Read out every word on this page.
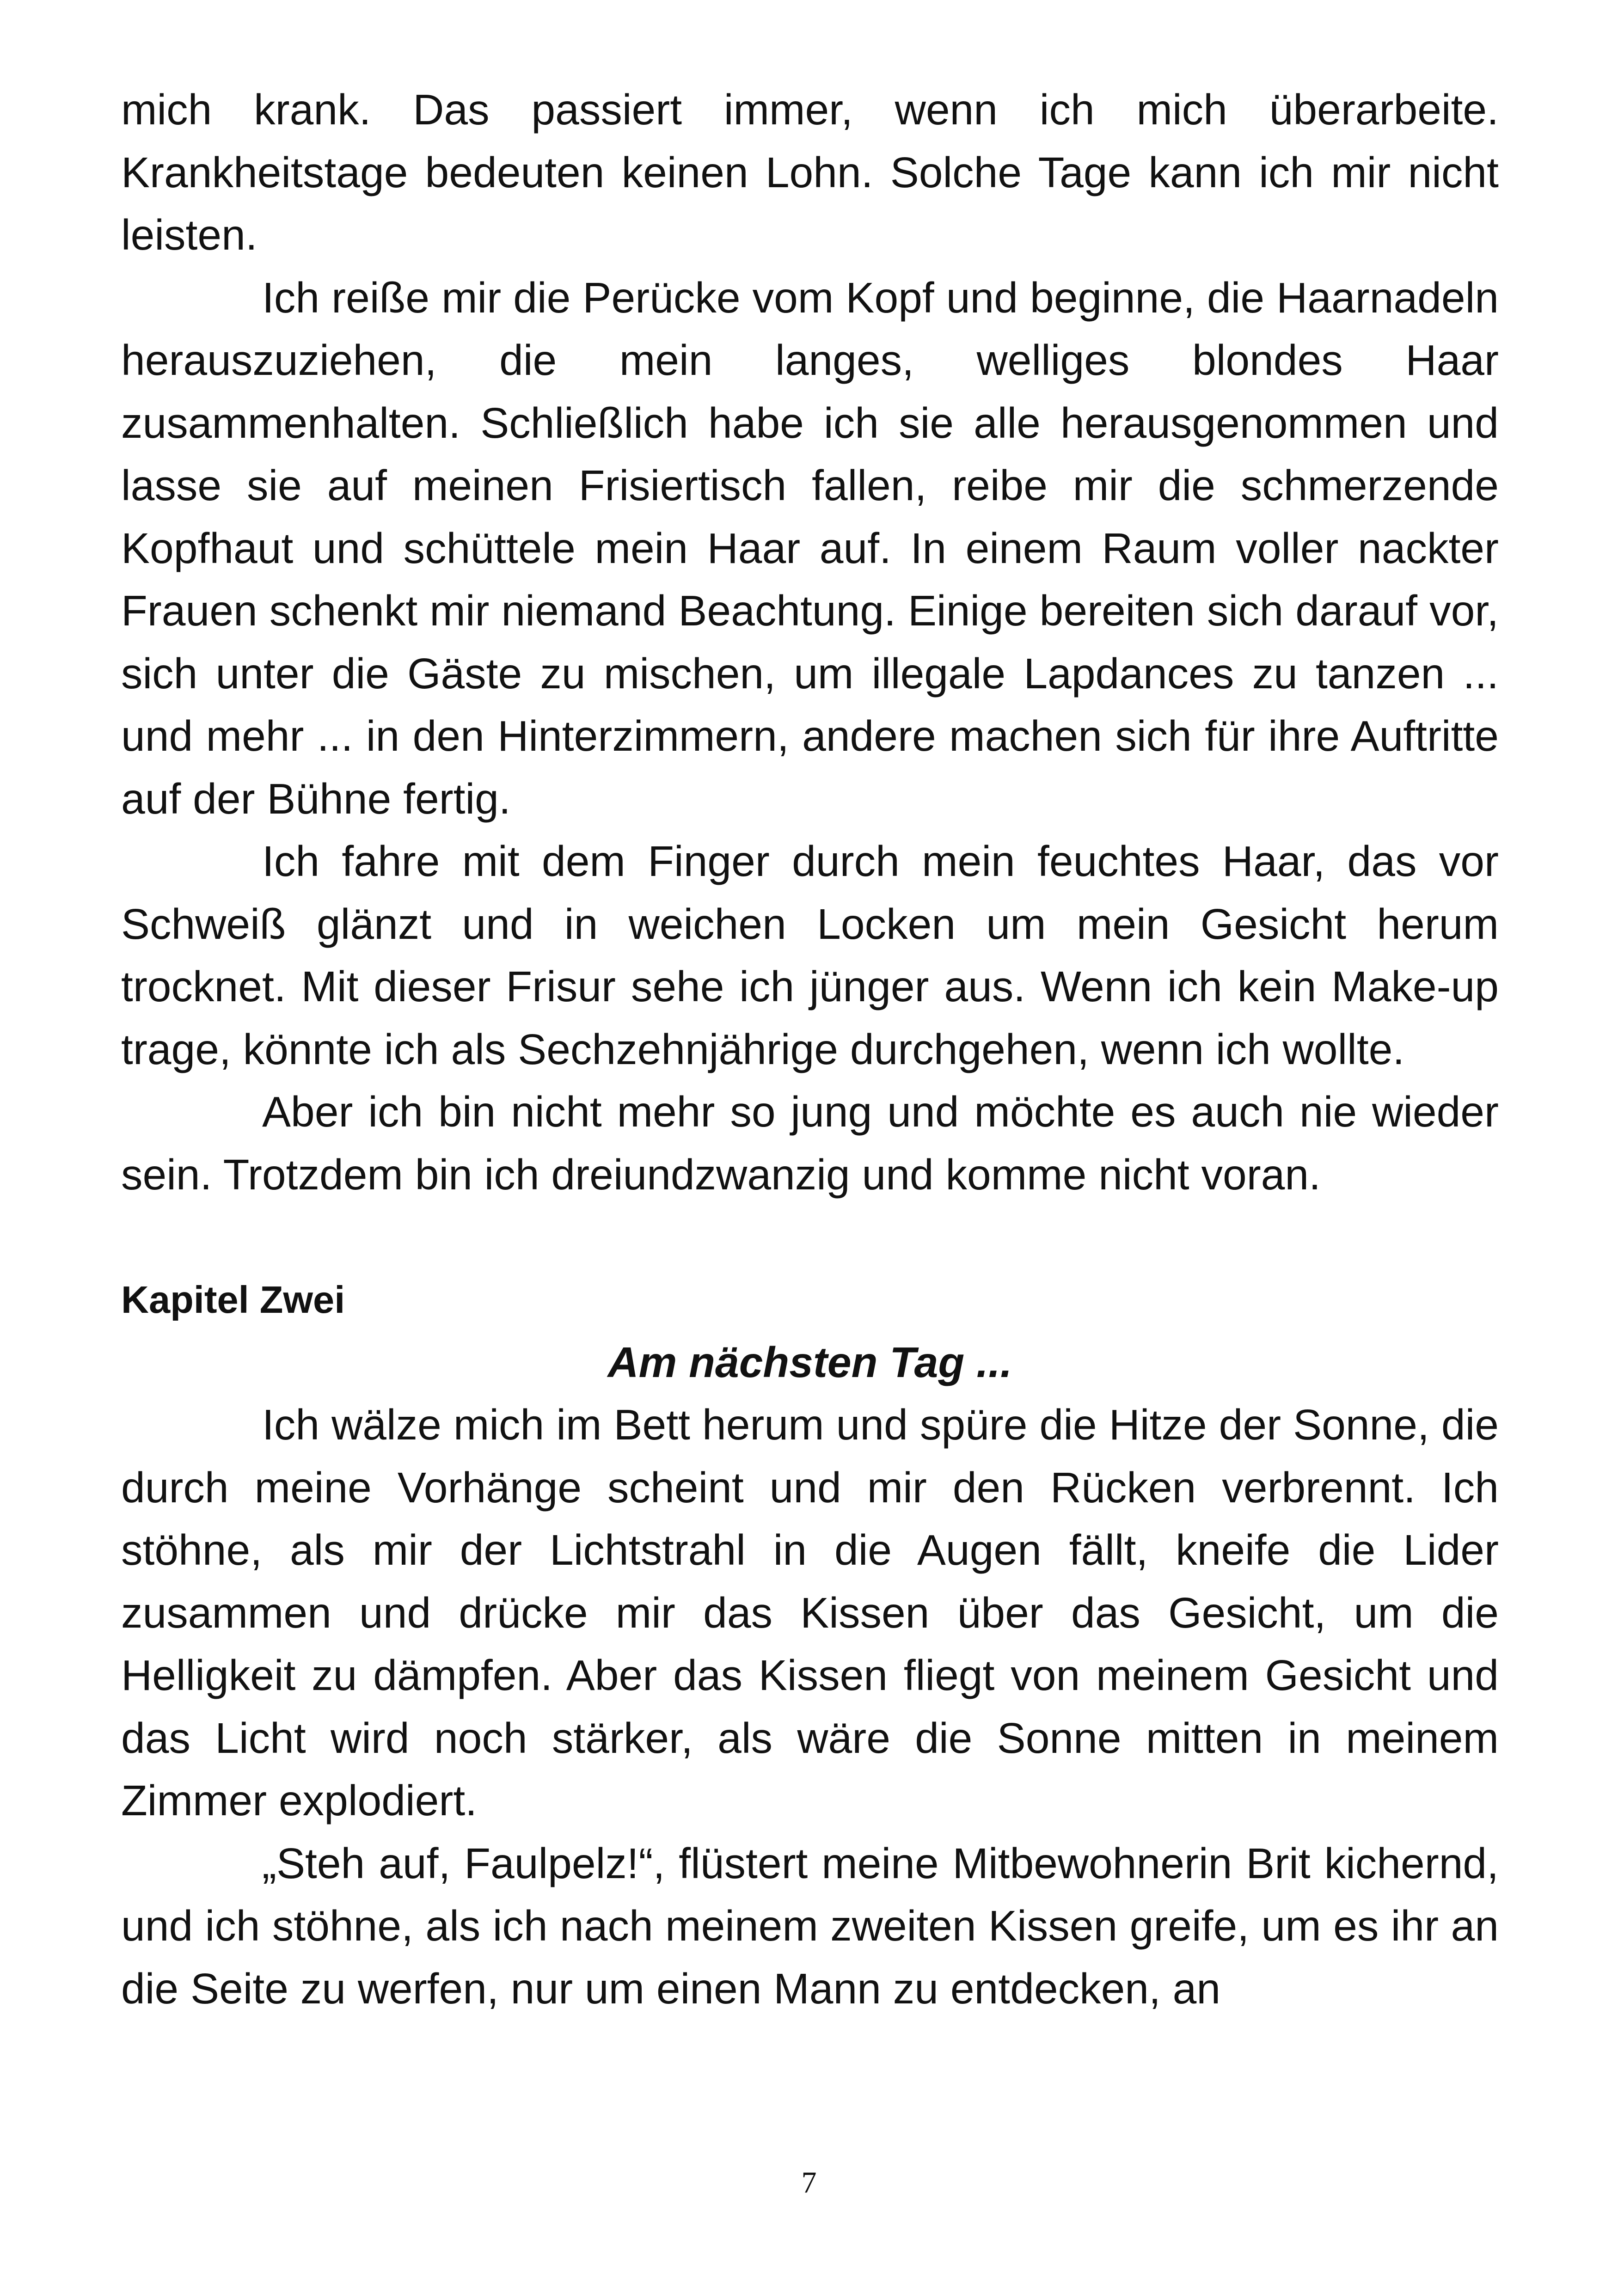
mich krank. Das passiert immer, wenn ich mich überarbeite. Krankheitstage bedeuten keinen Lohn. Solche Tage kann ich mir nicht leisten.

Ich reiße mir die Perücke vom Kopf und beginne, die Haarnadeln herauszuziehen, die mein langes, welliges blondes Haar zusammenhalten. Schließlich habe ich sie alle herausgenommen und lasse sie auf meinen Frisiertisch fallen, reibe mir die schmerzende Kopfhaut und schüttele mein Haar auf. In einem Raum voller nackter Frauen schenkt mir niemand Beachtung. Einige bereiten sich darauf vor, sich unter die Gäste zu mischen, um illegale Lapdances zu tanzen ... und mehr ... in den Hinterzimmern, andere machen sich für ihre Auftritte auf der Bühne fertig.

Ich fahre mit dem Finger durch mein feuchtes Haar, das vor Schweiß glänzt und in weichen Locken um mein Gesicht herum trocknet. Mit dieser Frisur sehe ich jünger aus. Wenn ich kein Make-up trage, könnte ich als Sechzehnjährige durchgehen, wenn ich wollte.

Aber ich bin nicht mehr so jung und möchte es auch nie wieder sein. Trotzdem bin ich dreiundzwanzig und komme nicht voran.

Kapitel Zwei
Am nächsten Tag ...

Ich wälze mich im Bett herum und spüre die Hitze der Sonne, die durch meine Vorhänge scheint und mir den Rücken verbrennt. Ich stöhne, als mir der Lichtstrahl in die Augen fällt, kneife die Lider zusammen und drücke mir das Kissen über das Gesicht, um die Helligkeit zu dämpfen. Aber das Kissen fliegt von meinem Gesicht und das Licht wird noch stärker, als wäre die Sonne mitten in meinem Zimmer explodiert.

„Steh auf, Faulpelz!“, flüstert meine Mitbewohnerin Brit kichernd, und ich stöhne, als ich nach meinem zweiten Kissen greife, um es ihr an die Seite zu werfen, nur um einen Mann zu entdecken, an

7
